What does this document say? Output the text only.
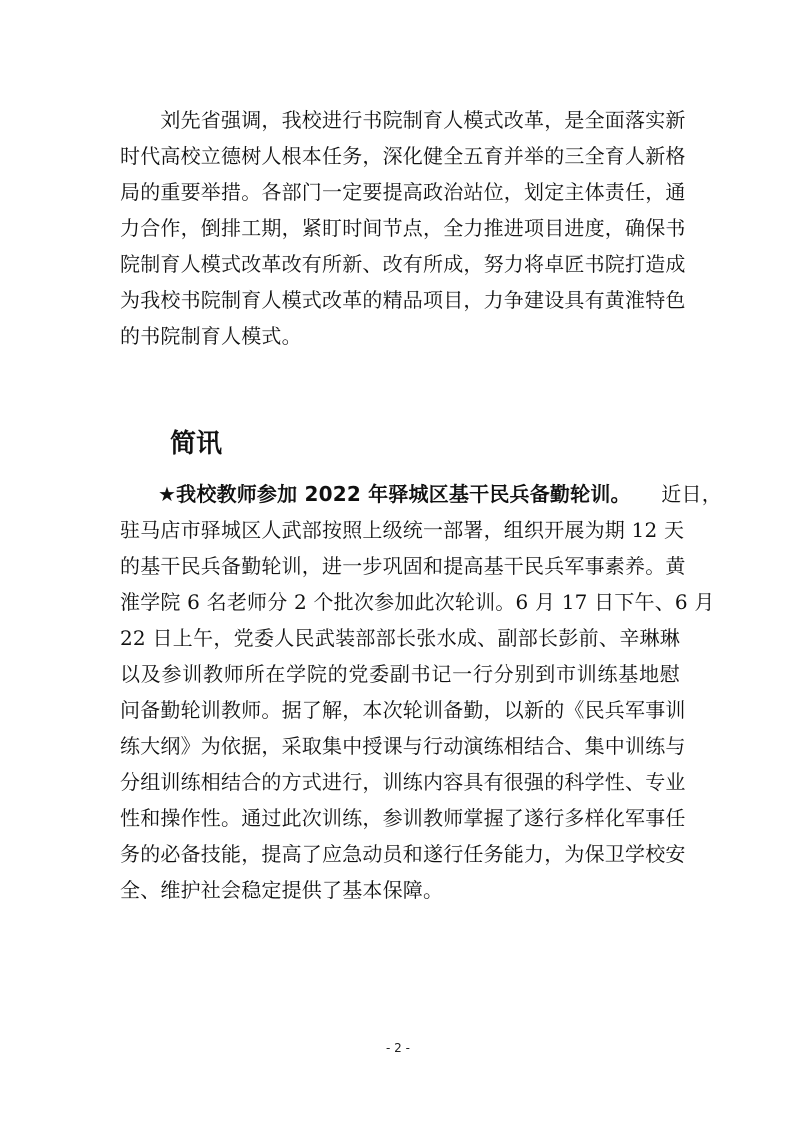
　　刘先省强调，我校进行书院制育人模式改革，是全面落实新
时代高校立德树人根本任务，深化健全五育并举的三全育人新格
局的重要举措。各部门一定要提高政治站位，划定主体责任，通
力合作，倒排工期，紧盯时间节点，全力推进项目进度，确保书
院制育人模式改革改有所新、改有所成，努力将卓匠书院打造成
为我校书院制育人模式改革的精品项目，力争建设具有黄淮特色
的书院制育人模式。
简讯
★我校教师参加 2022 年驿城区基干民兵备勤轮训。 近日，
驻马店市驿城区人武部按照上级统一部署，组织开展为期 12 天
的基干民兵备勤轮训，进一步巩固和提高基干民兵军事素养。黄
淮学院 6 名老师分 2 个批次参加此次轮训。6 月 17 日下午、6 月
22 日上午，党委人民武装部部长张水成、副部长彭前、辛琳琳
以及参训教师所在学院的党委副书记一行分别到市训练基地慰
问备勤轮训教师。据了解，本次轮训备勤，以新的《民兵军事训
练大纲》为依据，采取集中授课与行动演练相结合、集中训练与
分组训练相结合的方式进行，训练内容具有很强的科学性、专业
性和操作性。通过此次训练，参训教师掌握了遂行多样化军事任
务的必备技能，提高了应急动员和遂行任务能力，为保卫学校安
全、维护社会稳定提供了基本保障。
- 2 -
